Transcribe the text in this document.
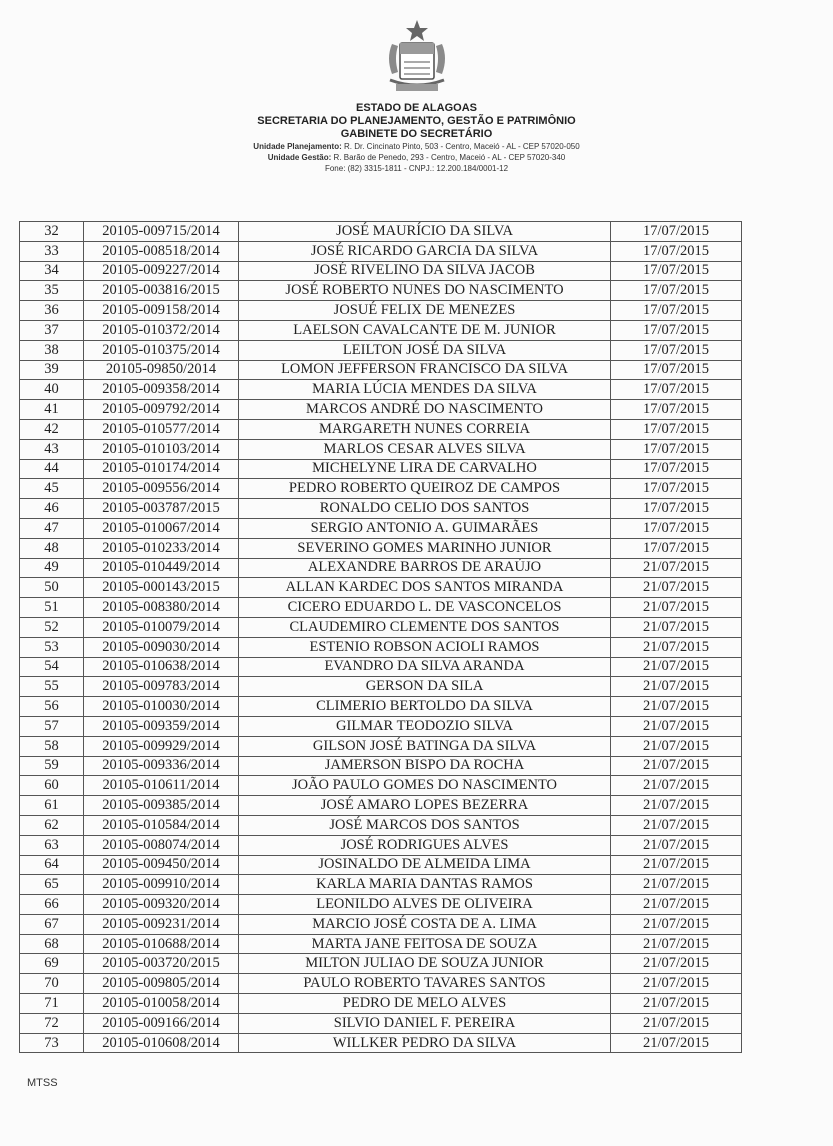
ESTADO DE ALAGOAS
SECRETARIA DO PLANEJAMENTO, GESTÃO E PATRIMÔNIO
GABINETE DO SECRETÁRIO
Unidade Planejamento: R. Dr. Cincinato Pinto, 503 - Centro, Maceió - AL - CEP 57020-050
Unidade Gestão: R. Barão de Penedo, 293 - Centro, Maceió - AL - CEP 57020-340
Fone: (82) 3315-1811 - CNPJ.: 12.200.184/0001-12
32	20105-009715/2014	JOSÉ MAURÍCIO DA SILVA	17/07/2015
33	20105-008518/2014	JOSÉ RICARDO GARCIA DA SILVA	17/07/2015
34	20105-009227/2014	JOSÉ RIVELINO DA SILVA JACOB	17/07/2015
35	20105-003816/2015	JOSÉ ROBERTO NUNES DO NASCIMENTO	17/07/2015
36	20105-009158/2014	JOSUÉ FELIX DE MENEZES	17/07/2015
37	20105-010372/2014	LAELSON CAVALCANTE DE M. JUNIOR	17/07/2015
38	20105-010375/2014	LEILTON JOSÉ DA SILVA	17/07/2015
39	20105-09850/2014	LOMON JEFFERSON FRANCISCO DA SILVA	17/07/2015
40	20105-009358/2014	MARIA LÚCIA MENDES DA SILVA	17/07/2015
41	20105-009792/2014	MARCOS ANDRÉ DO NASCIMENTO	17/07/2015
42	20105-010577/2014	MARGARETH NUNES CORREIA	17/07/2015
43	20105-010103/2014	MARLOS CESAR ALVES SILVA	17/07/2015
44	20105-010174/2014	MICHELYNE LIRA DE CARVALHO	17/07/2015
45	20105-009556/2014	PEDRO ROBERTO QUEIROZ DE CAMPOS	17/07/2015
46	20105-003787/2015	RONALDO CELIO DOS SANTOS	17/07/2015
47	20105-010067/2014	SERGIO ANTONIO A. GUIMARÃES	17/07/2015
48	20105-010233/2014	SEVERINO GOMES MARINHO JUNIOR	17/07/2015
49	20105-010449/2014	ALEXANDRE BARROS DE ARAÚJO	21/07/2015
50	20105-000143/2015	ALLAN KARDEC DOS SANTOS MIRANDA	21/07/2015
51	20105-008380/2014	CICERO EDUARDO L. DE VASCONCELOS	21/07/2015
52	20105-010079/2014	CLAUDEMIRO CLEMENTE DOS SANTOS	21/07/2015
53	20105-009030/2014	ESTENIO ROBSON ACIOLI RAMOS	21/07/2015
54	20105-010638/2014	EVANDRO DA SILVA ARANDA	21/07/2015
55	20105-009783/2014	GERSON DA SILA	21/07/2015
56	20105-010030/2014	CLIMERIO BERTOLDO DA SILVA	21/07/2015
57	20105-009359/2014	GILMAR TEODOZIO SILVA	21/07/2015
58	20105-009929/2014	GILSON JOSÉ BATINGA DA SILVA	21/07/2015
59	20105-009336/2014	JAMERSON BISPO DA ROCHA	21/07/2015
60	20105-010611/2014	JOÃO PAULO GOMES DO NASCIMENTO	21/07/2015
61	20105-009385/2014	JOSÉ AMARO LOPES BEZERRA	21/07/2015
62	20105-010584/2014	JOSÉ MARCOS DOS SANTOS	21/07/2015
63	20105-008074/2014	JOSÉ RODRIGUES ALVES	21/07/2015
64	20105-009450/2014	JOSINALDO DE ALMEIDA LIMA	21/07/2015
65	20105-009910/2014	KARLA MARIA DANTAS RAMOS	21/07/2015
66	20105-009320/2014	LEONILDO ALVES DE OLIVEIRA	21/07/2015
67	20105-009231/2014	MARCIO JOSÉ COSTA DE A. LIMA	21/07/2015
68	20105-010688/2014	MARTA JANE FEITOSA DE SOUZA	21/07/2015
69	20105-003720/2015	MILTON JULIAO DE SOUZA JUNIOR	21/07/2015
70	20105-009805/2014	PAULO ROBERTO TAVARES SANTOS	21/07/2015
71	20105-010058/2014	PEDRO DE MELO ALVES	21/07/2015
72	20105-009166/2014	SILVIO DANIEL F. PEREIRA	21/07/2015
73	20105-010608/2014	WILLKER PEDRO DA SILVA	21/07/2015
MTSS
